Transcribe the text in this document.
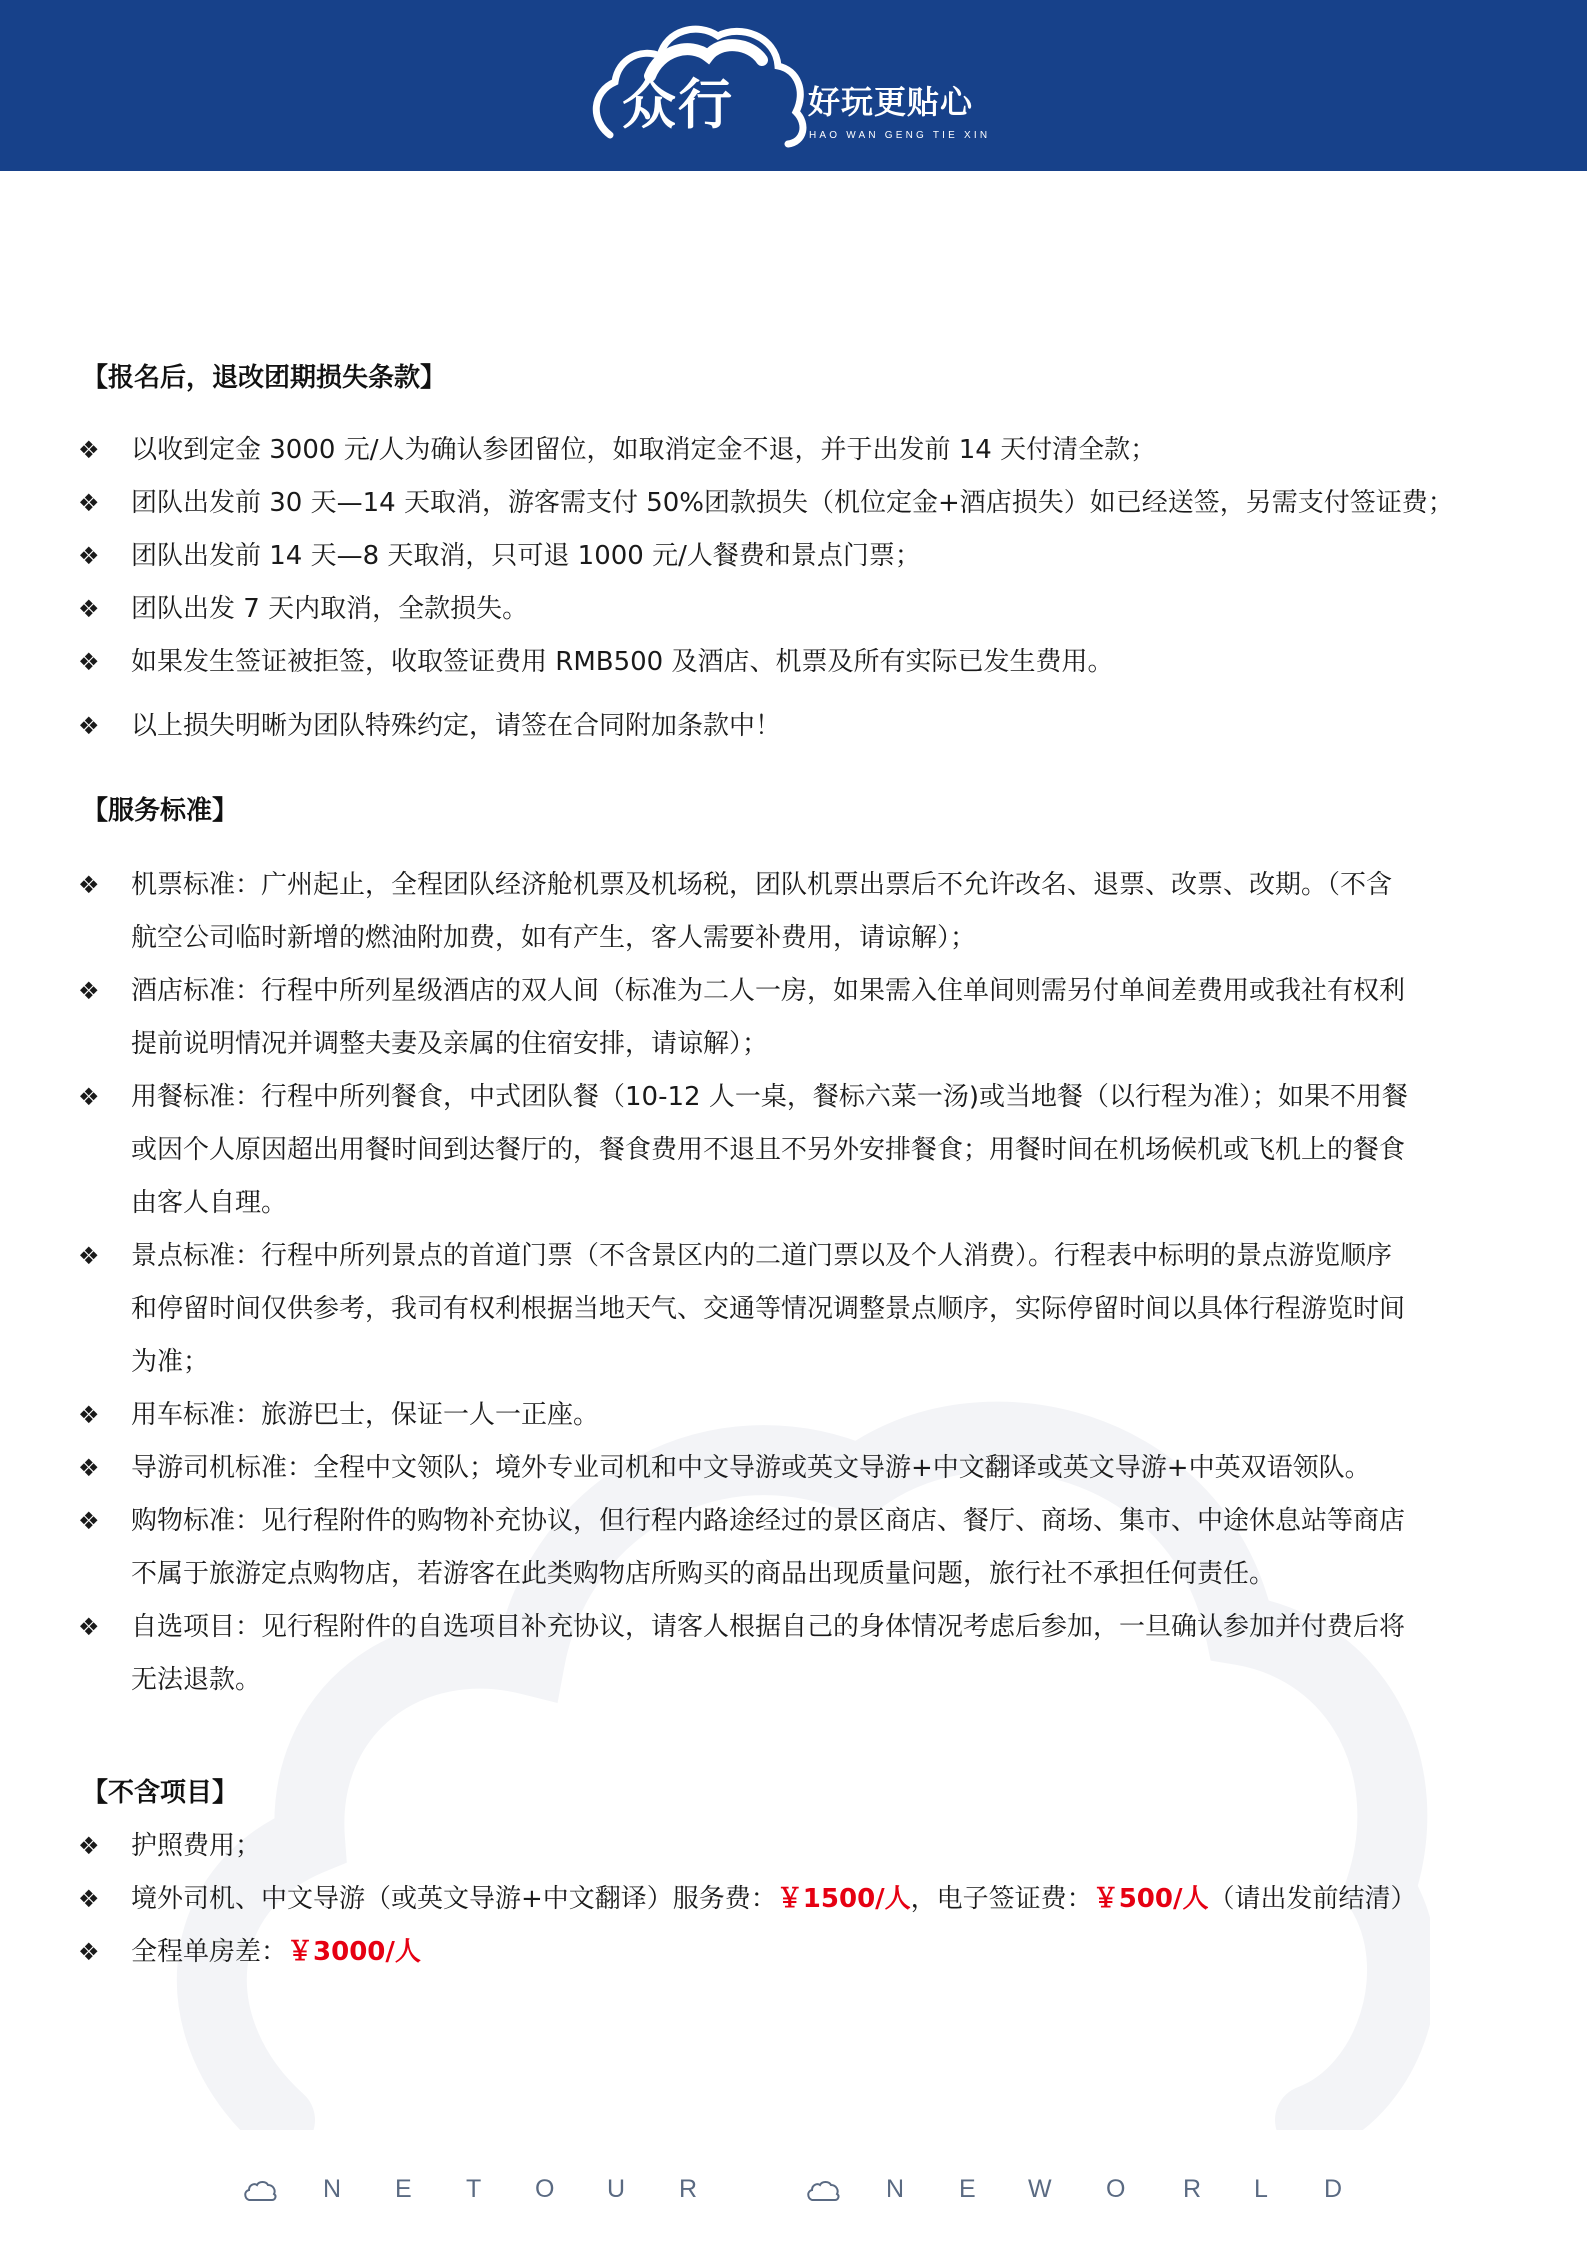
众行 好玩更贴心
HAO WAN GENG TIE XIN
【报名后，退改团期损失条款】
❖ 以收到定金 3000 元/人为确认参团留位，如取消定金不退，并于出发前 14 天付清全款；
❖ 团队出发前 30 天—14 天取消，游客需支付 50%团款损失（机位定金+酒店损失）如已经送签，另需支付签证费；
❖ 团队出发前 14 天—8 天取消，只可退 1000 元/人餐费和景点门票；
❖ 团队出发 7 天内取消，全款损失。
❖ 如果发生签证被拒签，收取签证费用 RMB500 及酒店、机票及所有实际已发生费用。
❖ 以上损失明晰为团队特殊约定，请签在合同附加条款中！
【服务标准】
❖ 机票标准：广州起止，全程团队经济舱机票及机场税，团队机票出票后不允许改名、退票、改票、改期。（不含
航空公司临时新增的燃油附加费，如有产生，客人需要补费用，请谅解）；
❖ 酒店标准：行程中所列星级酒店的双人间（标准为二人一房，如果需入住单间则需另付单间差费用或我社有权利
提前说明情况并调整夫妻及亲属的住宿安排，请谅解）；
❖ 用餐标准：行程中所列餐食，中式团队餐（10-12 人一桌，餐标六菜一汤)或当地餐（以行程为准）；如果不用餐
或因个人原因超出用餐时间到达餐厅的，餐食费用不退且不另外安排餐食；用餐时间在机场候机或飞机上的餐食
由客人自理。
❖ 景点标准：行程中所列景点的首道门票（不含景区内的二道门票以及个人消费）。行程表中标明的景点游览顺序
和停留时间仅供参考，我司有权利根据当地天气、交通等情况调整景点顺序，实际停留时间以具体行程游览时间
为准；
❖ 用车标准：旅游巴士，保证一人一正座。
❖ 导游司机标准：全程中文领队；境外专业司机和中文导游或英文导游+中文翻译或英文导游+中英双语领队。
❖ 购物标准：见行程附件的购物补充协议，但行程内路途经过的景区商店、餐厅、商场、集市、中途休息站等商店
不属于旅游定点购物店，若游客在此类购物店所购买的商品出现质量问题，旅行社不承担任何责任。
❖ 自选项目：见行程附件的自选项目补充协议，请客人根据自己的身体情况考虑后参加，一旦确认参加并付费后将
无法退款。
【不含项目】
❖ 护照费用；
❖ 境外司机、中文导游（或英文导游+中文翻译）服务费：￥1500/人，电子签证费：￥500/人（请出发前结清）
❖ 全程单房差：￥3000/人
N E T O U R	N E W O R L D
